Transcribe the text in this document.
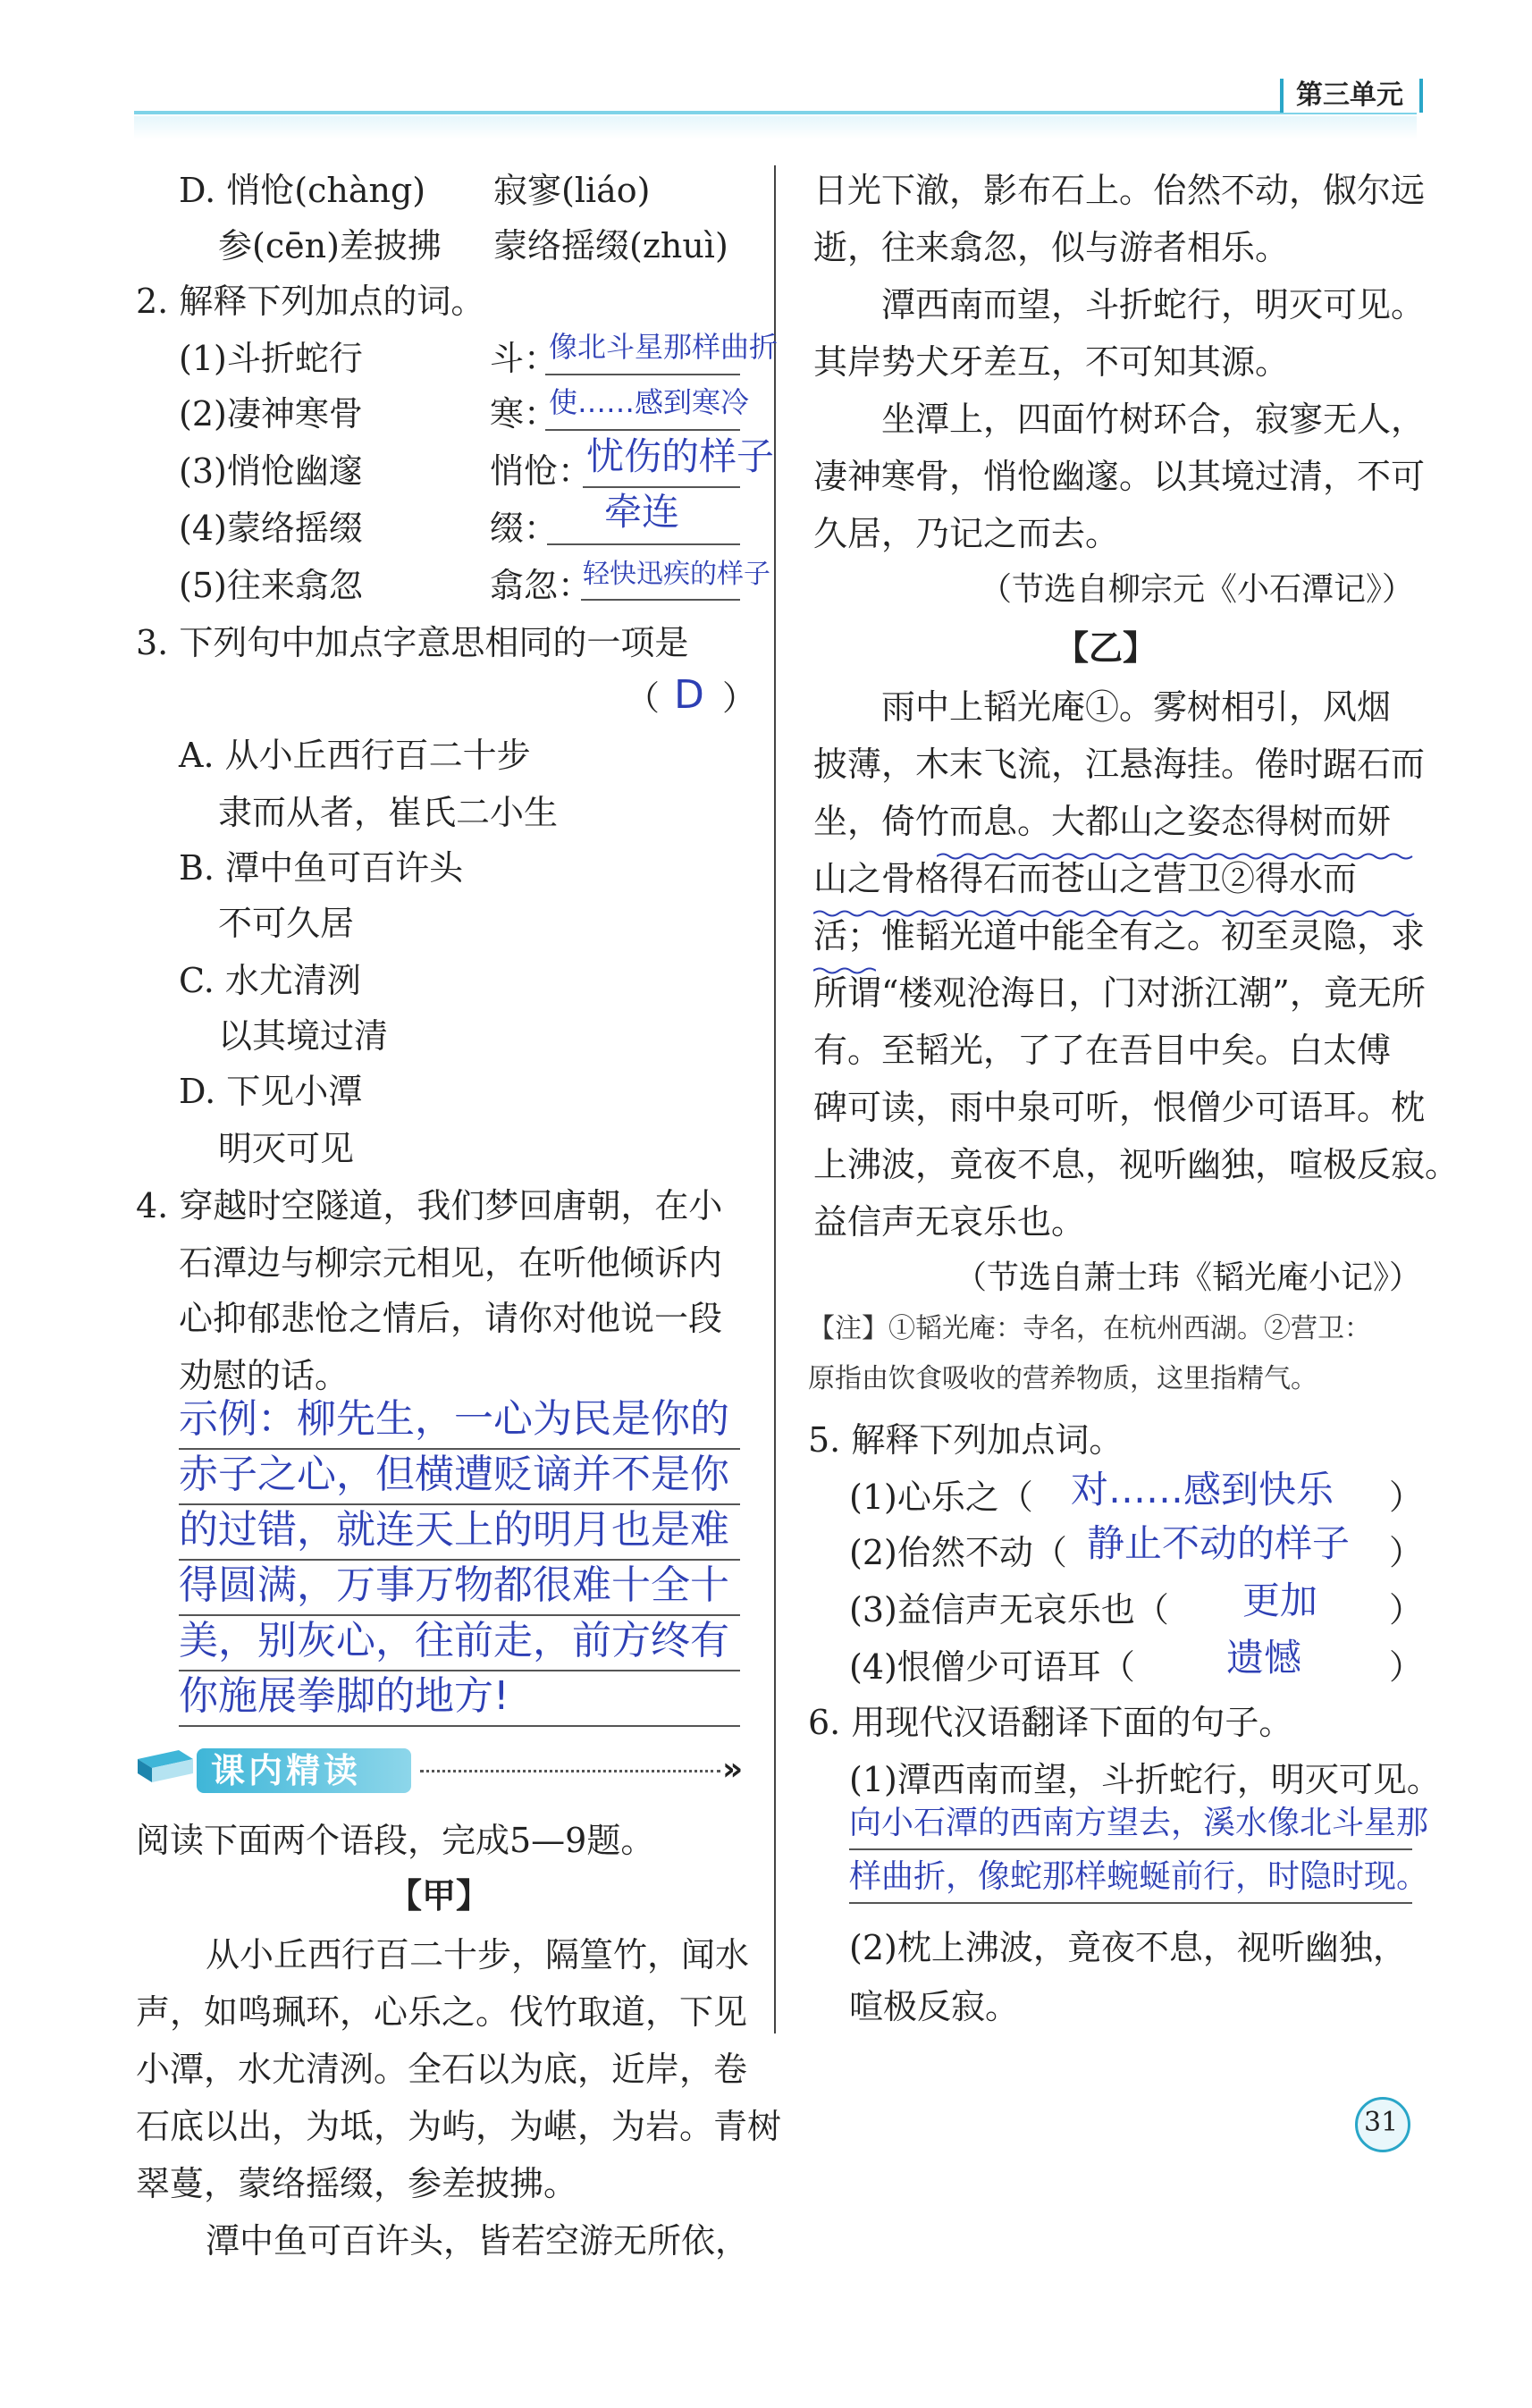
第三单元
D. 悄怆(chàng) 寂寥(liáo)
参(cēn)差披拂 蒙络摇缀(zhuì)
2. 解释下列加点的词。
(1)斗折蛇行	斗：
像北斗星那样曲折
(2)凄神寒骨	寒：
使……感到寒冷
(3)悄怆幽邃	悄怆：
忧伤的样子
(4)蒙络摇缀	缀： 牵连
(5)往来翕忽	翕忽：
轻快迅疾的样子
3. 下列句中加点字意思相同的一项是
（ D ）
A. 从小丘西行百二十步
隶而从者，崔氏二小生
B. 潭中鱼可百许头
不可久居
C. 水尤清洌
以其境过清
D. 下见小潭
明灭可见
4. 穿越时空隧道，我们梦回唐朝，在小
石潭边与柳宗元相见，在听他倾诉内
心抑郁悲怆之情后，请你对他说一段
劝慰的话。
示例：柳先生，一心为民是你的
赤子之心，但横遭贬谪并不是你
的过错，就连天上的明月也是难
得圆满，万事万物都很难十全十
美，别灰心，往前走，前方终有
你施展拳脚的地方!
课内精读	»
阅读下面两个语段，完成5—9题。
【甲】
从小丘西行百二十步，隔篁竹，闻水
声，如鸣珮环，心乐之。伐竹取道，下见
小潭，水尤清洌。全石以为底，近岸，卷
石底以出，为坻，为屿，为嵁，为岩。青树
翠蔓，蒙络摇缀，参差披拂。
潭中鱼可百许头，皆若空游无所依，
日光下澈，影布石上。佁然不动，俶尔远
逝，往来翕忽，似与游者相乐。
潭西南而望，斗折蛇行，明灭可见。
其岸势犬牙差互，不可知其源。
坐潭上，四面竹树环合，寂寥无人，
凄神寒骨，悄怆幽邃。以其境过清，不可
久居，乃记之而去。
（节选自柳宗元《小石潭记》）
【乙】
雨中上韬光庵①。雾树相引，风烟
披薄，木末飞流，江悬海挂。倦时踞石而
坐，倚竹而息。大都山之姿态得树而妍
山之骨格得石而苍山之营卫②得水而
活；惟韬光道中能全有之。初至灵隐，求
所谓“楼观沧海日，门对浙江潮”，竟无所
有。至韬光，了了在吾目中矣。白太傅
碑可读，雨中泉可听，恨僧少可语耳。枕
上沸波，竟夜不息，视听幽独，喧极反寂。
益信声无哀乐也。
（节选自萧士玮《韬光庵小记》）
【注】①韬光庵：寺名，在杭州西湖。②营卫：
原指由饮食吸收的营养物质，这里指精气。
5. 解释下列加点词。
(1)心乐之（ 对……感到快乐 ）
(2)佁然不动（ 静止不动的样子 ）
(3)益信声无哀乐也（ 更加 ）
(4)恨僧少可语耳（ 遗憾	）
6. 用现代汉语翻译下面的句子。
(1)潭西南而望，斗折蛇行，明灭可见。
向小石潭的西南方望去，溪水像北斗星那
样曲折，像蛇那样蜿蜒前行，时隐时现。
(2)枕上沸波，竟夜不息，视听幽独，
喧极反寂。
31
